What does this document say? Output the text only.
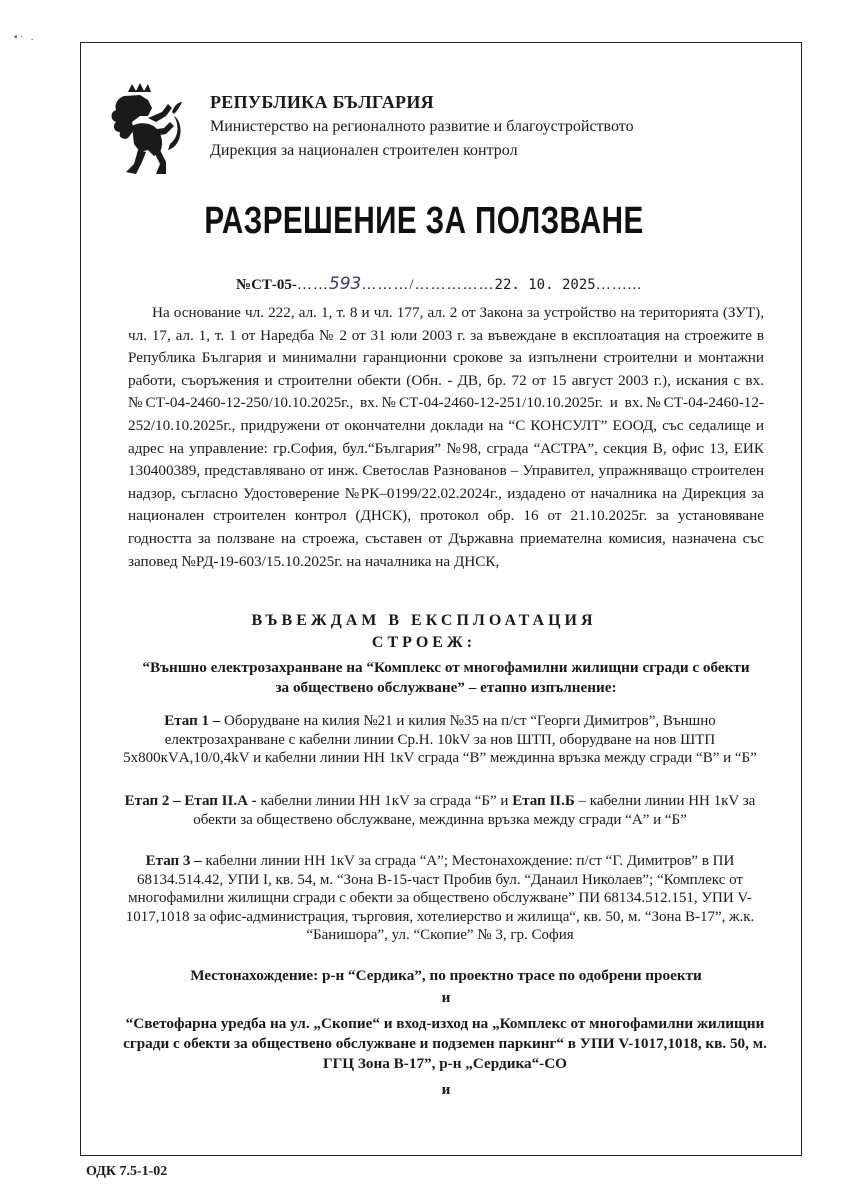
▪ ·   .
РЕПУБЛИКА БЪЛГАРИЯ
Министерство на регионалното развитие и благоустройството
Дирекция за национален строителен контрол
РАЗРЕШЕНИЕ ЗА ПОЛЗВАНЕ
№СТ-05-……593………/……………22. 10. 2025……...

На основание чл. 222, ал. 1, т. 8 и чл. 177, ал. 2 от Закона за устройство на територията (ЗУТ), чл. 17, ал. 1, т. 1 от Наредба № 2 от 31 юли 2003 г. за въвеждане в експлоатация на строежите в Република България и минимални гаранционни срокове за изпълнени строителни и монтажни работи, съоръжения и строителни обекти (Обн. - ДВ, бр. 72 от 15 август 2003 г.), искания с вх.№СТ-04-2460-12-250/10.10.2025г., вх.№СТ-04-2460-12-251/10.10.2025г. и вх.№СТ-04-2460-12-252/10.10.2025г., придружени от окончателни доклади на “С КОНСУЛТ” ЕООД, със седалище и адрес на управление: гр.София, бул.“България” №98, сграда “АСТРА”, секция В, офис 13, ЕИК 130400389, представлявано от инж. Светослав Разнованов – Управител, упражняващо строителен надзор, съгласно Удостоверение №РК–0199/22.02.2024г., издадено от началника на Дирекция за национален строителен контрол (ДНСК), протокол обр. 16 от 21.10.2025г. за установяване годността за ползване на строежа, съставен от Държавна приемателна комисия, назначена със заповед №РД-19-603/15.10.2025г. на началника на ДНСК,

ВЪВЕЖДАМ В ЕКСПЛОАТАЦИЯ
СТРОЕЖ:
“Външно електрозахранване на “Комплекс от многофамилни жилищни сгради с обекти за обществено обслужване” – етапно изпълнение:
Етап 1 – Оборудване на килия №21 и килия №35 на п/ст “Георги Димитров”, Външно електрозахранване с кабелни линии Ср.Н. 10kV за нов ШТП, оборудване на нов ШТП 5х800кVА,10/0,4kV и кабелни линии НН 1кV сграда “В” междинна връзка между сгради “В” и “Б”
Етап 2 – Етап II.А - кабелни линии НН 1кV за сграда “Б” и Етап II.Б – кабелни линии НН 1кV за обекти за обществено обслужване, междинна връзка между сгради “А” и “Б”
Етап 3 – кабелни линии НН 1кV за сграда “А”; Местонахождение: п/ст “Г. Димитров” в ПИ 68134.514.42, УПИ I, кв. 54, м. “Зона В-15-част Пробив бул. “Данаил Николаев”; “Комплекс от многофамилни жилищни сгради с обекти за обществено обслужване” ПИ 68134.512.151, УПИ V-1017,1018 за офис-администрация, търговия, хотелиерство и жилища“, кв. 50, м. “Зона В-17”, ж.к. “Банишора”, ул. “Скопие” № 3, гр. София
Местонахождение: р-н “Сердика”, по проектно трасе по одобрени проекти
и
“Светофарна уредба на ул. „Скопие“ и вход-изход на „Комплекс от многофамилни жилищни сгради с обекти за обществено обслужване и подземен паркинг“ в УПИ V-1017,1018, кв. 50, м. ГГЦ Зона В-17”, р-н „Сердика“-СО
и
ОДК 7.5-1-02
